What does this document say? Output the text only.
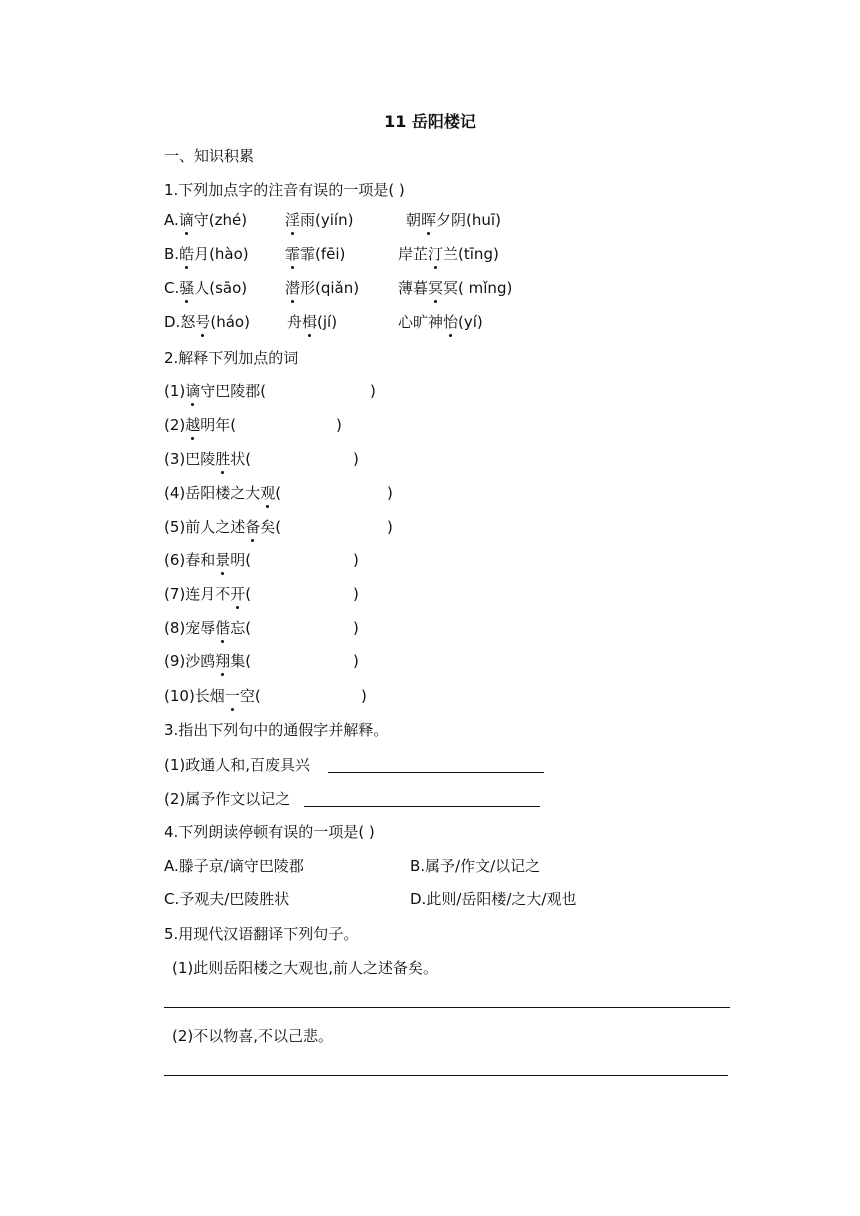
11 岳阳楼记
一、知识积累
1.下列加点字的注音有误的一项是( )
A.谪守(zhé)	淫雨(yiín)	朝晖夕阴(huī)
B.皓月(hào) 霏霏(fēi)	岸芷汀兰(tīng)
C.骚人(sāo)	潜形(qiǎn)	薄暮冥冥( mǐng)
D.怒号(háo) 舟楫(jí)	心旷神怡(yí)
2.解释下列加点的词
(1)谪守巴陵郡(	)
(2)越明年(	)
(3)巴陵胜状(	)
(4)岳阳楼之大观(	)
(5)前人之述备矣(	)
(6)春和景明(	)
(7)连月不开(	)
(8)宠辱偕忘(	)
(9)沙鸥翔集(	)
(10)长烟一空(	)
3.指出下列句中的通假字并解释。
(1)政通人和,百废具兴
(2)属予作文以记之
4.下列朗读停顿有误的一项是( )
A.滕子京/谪守巴陵郡	B.属予/作文/以记之
C.予观夫/巴陵胜状	D.此则/岳阳楼/之大/观也
5.用现代汉语翻译下列句子。
(1)此则岳阳楼之大观也,前人之述备矣。
(2)不以物喜,不以己悲。
